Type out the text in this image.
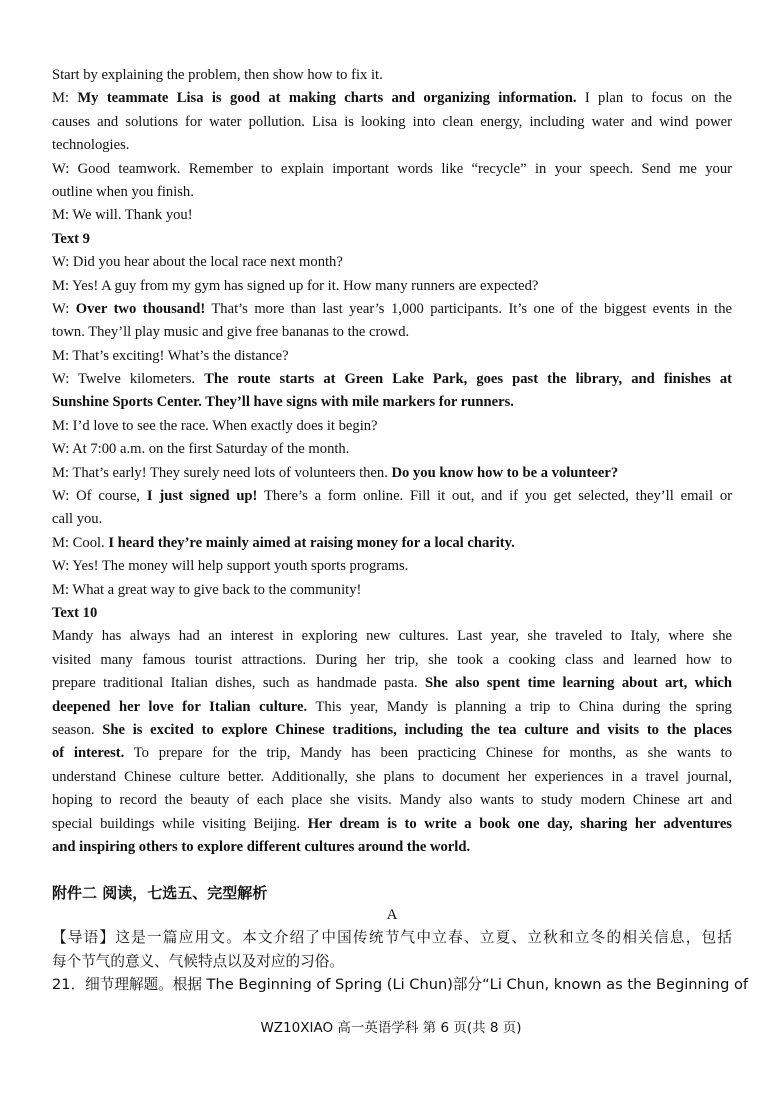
Start by explaining the problem, then show how to fix it.
M: My teammate Lisa is good at making charts and organizing information. I plan to focus on the
causes and solutions for water pollution. Lisa is looking into clean energy, including water and wind power
technologies.
W: Good teamwork. Remember to explain important words like “recycle” in your speech. Send me your
outline when you finish.
M: We will. Thank you!
Text 9
W: Did you hear about the local race next month?
M: Yes! A guy from my gym has signed up for it. How many runners are expected?
W: Over two thousand! That’s more than last year’s 1,000 participants. It’s one of the biggest events in the
town. They’ll play music and give free bananas to the crowd.
M: That’s exciting! What’s the distance?
W: Twelve kilometers. The route starts at Green Lake Park, goes past the library, and finishes at
Sunshine Sports Center. They’ll have signs with mile markers for runners.
M: I’d love to see the race. When exactly does it begin?
W: At 7:00 a.m. on the first Saturday of the month.
M: That’s early! They surely need lots of volunteers then. Do you know how to be a volunteer?
W: Of course, I just signed up! There’s a form online. Fill it out, and if you get selected, they’ll email or
call you.
M: Cool. I heard they’re mainly aimed at raising money for a local charity.
W: Yes! The money will help support youth sports programs.
M: What a great way to give back to the community!
Text 10
Mandy has always had an interest in exploring new cultures. Last year, she traveled to Italy, where she
visited many famous tourist attractions. During her trip, she took a cooking class and learned how to
prepare traditional Italian dishes, such as handmade pasta. She also spent time learning about art, which
deepened her love for Italian culture. This year, Mandy is planning a trip to China during the spring
season. She is excited to explore Chinese traditions, including the tea culture and visits to the places
of interest. To prepare for the trip, Mandy has been practicing Chinese for months, as she wants to
understand Chinese culture better. Additionally, she plans to document her experiences in a travel journal,
hoping to record the beauty of each place she visits. Mandy also wants to study modern Chinese art and
special buildings while visiting Beijing. Her dream is to write a book one day, sharing her adventures
and inspiring others to explore different cultures around the world.
附件二 阅读，七选五、完型解析
A
【导语】这是一篇应用文。本文介绍了中国传统节气中立春、立夏、立秋和立冬的相关信息，包括
每个节气的意义、气候特点以及对应的习俗。
21．细节理解题。根据 The Beginning of Spring (Li Chun)部分“Li Chun, known as the Beginning of
WZ10XIAO 高一英语学科 第 6 页(共 8 页)
